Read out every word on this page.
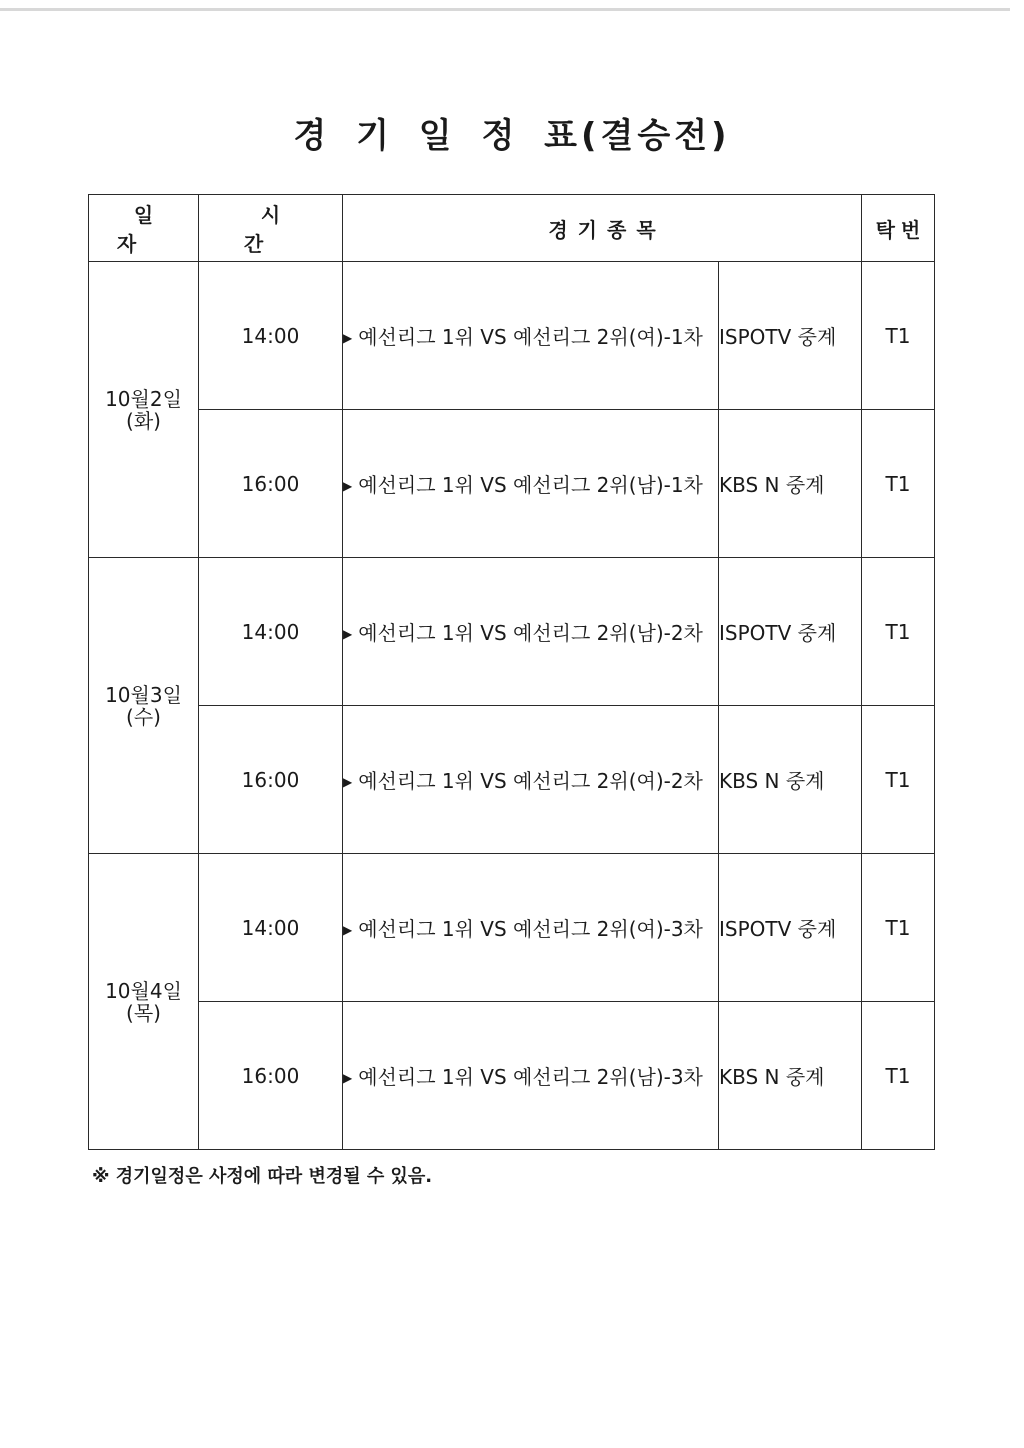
경 기 일 정 표(결승전)
일 자	시 간	경기종목		탁번

10월2일
(화)	14:00	▶ 예선리그 1위 VS 예선리그 2위(여)-1차	ISPOTV 중계	T1
	16:00	▶ 예선리그 1위 VS 예선리그 2위(남)-1차	KBS N 중계	T1

10월3일
(수)	14:00	▶ 예선리그 1위 VS 예선리그 2위(남)-2차	ISPOTV 중계	T1
	16:00	▶ 예선리그 1위 VS 예선리그 2위(여)-2차	KBS N 중계	T1

10월4일
(목)	14:00	▶ 예선리그 1위 VS 예선리그 2위(여)-3차	ISPOTV 중계	T1
	16:00	▶ 예선리그 1위 VS 예선리그 2위(남)-3차	KBS N 중계	T1
※ 경기일정은 사정에 따라 변경될 수 있음.
